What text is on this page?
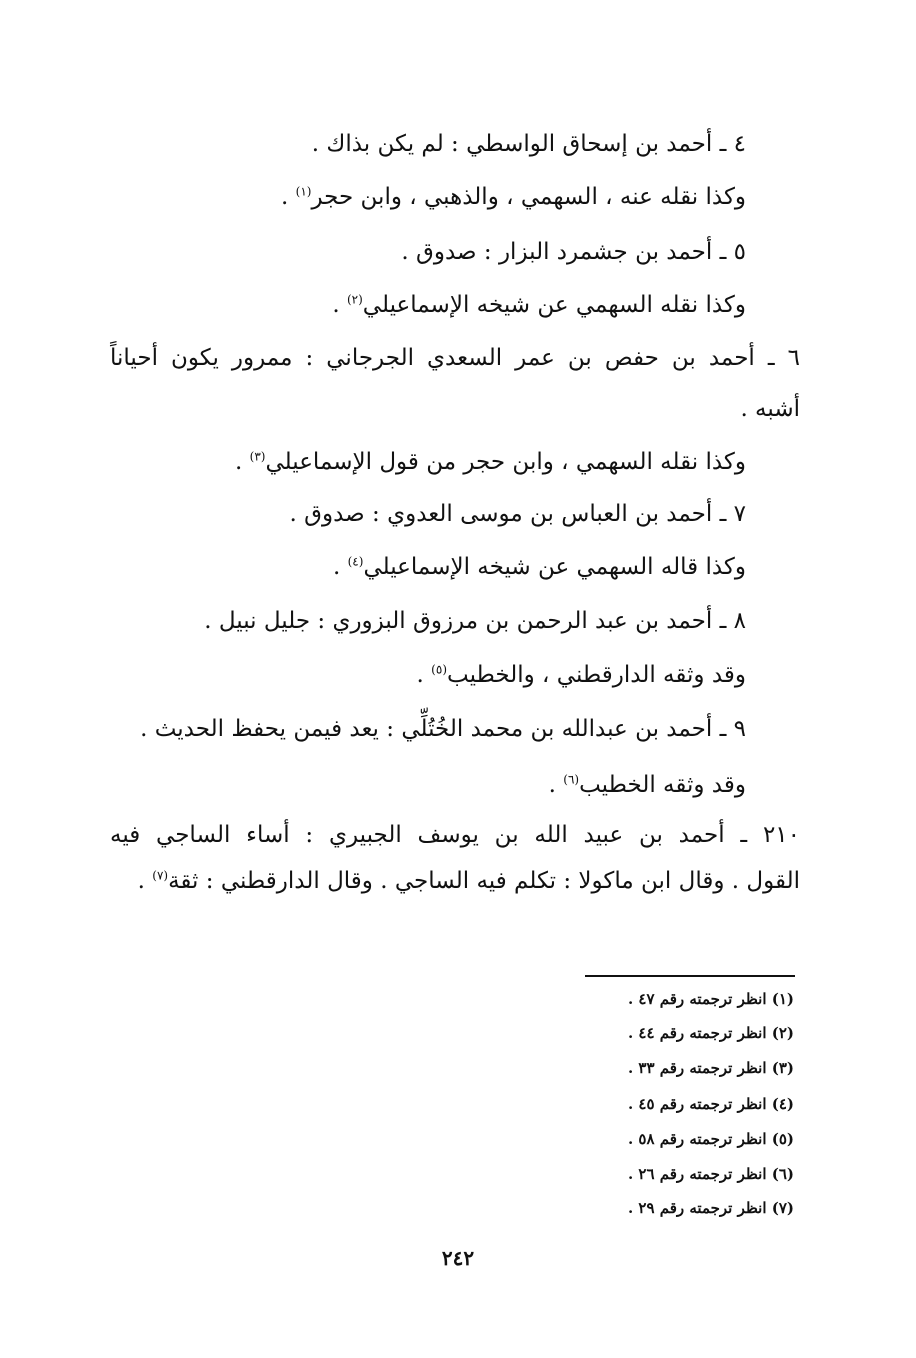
٤ ـ أحمد بن إسحاق الواسطي : لم يكن بذاك .
وكذا نقله عنه ، السهمي ، والذهبي ، وابن حجر$^{(١)}$ .
٥ ـ أحمد بن جشمرد البزار : صدوق .
وكذا نقله السهمي عن شيخه الإسماعيلي$^{(٢)}$ .
٦ ـ أحمد بن حفص بن عمر السعدي الجرجاني : ممرور يكون أحياناً
أشبه .
وكذا نقله السهمي ، وابن حجر من قول الإسماعيلي$^{(٣)}$ .
٧ ـ أحمد بن العباس بن موسى العدوي : صدوق .
وكذا قاله السهمي عن شيخه الإسماعيلي$^{(٤)}$ .
٨ ـ أحمد بن عبد الرحمن بن مرزوق البزوري : جليل نبيل .
وقد وثقه الدارقطني ، والخطيب$^{(٥)}$ .
٩ ـ أحمد بن عبدالله بن محمد الخُتُلِّي : يعد فيمن يحفظ الحديث .
وقد وثقه الخطيب$^{(٦)}$ .
٢١٠ ـ أحمد بن عبيد الله بن يوسف الجبيري : أساء الساجي فيه
القول . وقال ابن ماكولا : تكلم فيه الساجي . وقال الدارقطني : ثقة$^{(٧)}$ .
(١) انظر ترجمته رقم ٤٧ .
(٢) انظر ترجمته رقم ٤٤ .
(٣) انظر ترجمته رقم ٣٣ .
(٤) انظر ترجمته رقم ٤٥ .
(٥) انظر ترجمته رقم ٥٨ .
(٦) انظر ترجمته رقم ٢٦ .
(٧) انظر ترجمته رقم ٢٩ .
٢٤٢
